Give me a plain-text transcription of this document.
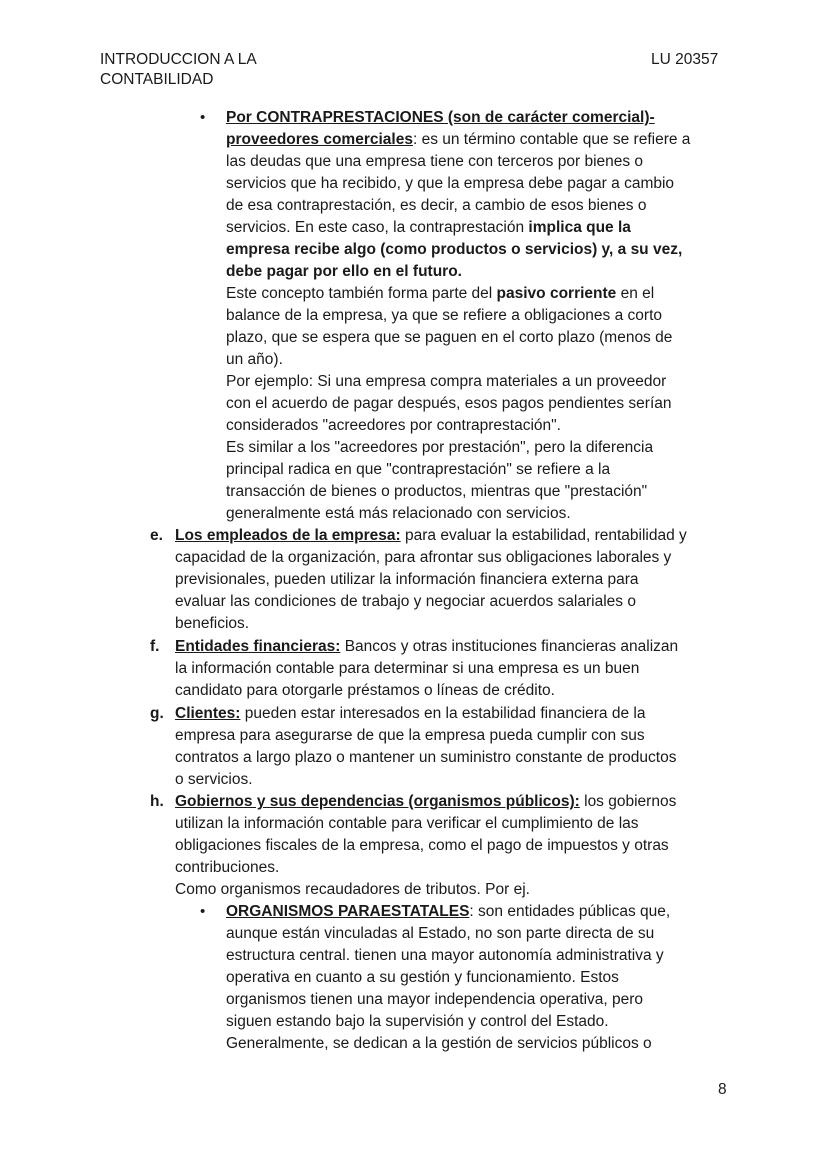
INTRODUCCION A LA
CONTABILIDAD
LU 20357
• Por CONTRAPRESTACIONES (son de carácter comercial)-
proveedores comerciales: es un término contable que se refiere a
las deudas que una empresa tiene con terceros por bienes o
servicios que ha recibido, y que la empresa debe pagar a cambio
de esa contraprestación, es decir, a cambio de esos bienes o
servicios. En este caso, la contraprestación implica que la
empresa recibe algo (como productos o servicios) y, a su vez,
debe pagar por ello en el futuro.
Este concepto también forma parte del pasivo corriente en el
balance de la empresa, ya que se refiere a obligaciones a corto
plazo, que se espera que se paguen en el corto plazo (menos de
un año).
Por ejemplo: Si una empresa compra materiales a un proveedor
con el acuerdo de pagar después, esos pagos pendientes serían
considerados "acreedores por contraprestación".
Es similar a los "acreedores por prestación", pero la diferencia
principal radica en que "contraprestación" se refiere a la
transacción de bienes o productos, mientras que "prestación"
generalmente está más relacionado con servicios.
e. Los empleados de la empresa: para evaluar la estabilidad, rentabilidad y
capacidad de la organización, para afrontar sus obligaciones laborales y
previsionales, pueden utilizar la información financiera externa para
evaluar las condiciones de trabajo y negociar acuerdos salariales o
beneficios.
f. Entidades financieras: Bancos y otras instituciones financieras analizan
la información contable para determinar si una empresa es un buen
candidato para otorgarle préstamos o líneas de crédito.
g. Clientes: pueden estar interesados en la estabilidad financiera de la
empresa para asegurarse de que la empresa pueda cumplir con sus
contratos a largo plazo o mantener un suministro constante de productos
o servicios.
h. Gobiernos y sus dependencias (organismos públicos): los gobiernos
utilizan la información contable para verificar el cumplimiento de las
obligaciones fiscales de la empresa, como el pago de impuestos y otras
contribuciones.
Como organismos recaudadores de tributos. Por ej.
• ORGANISMOS PARAESTATALES: son entidades públicas que,
aunque están vinculadas al Estado, no son parte directa de su
estructura central. tienen una mayor autonomía administrativa y
operativa en cuanto a su gestión y funcionamiento. Estos
organismos tienen una mayor independencia operativa, pero
siguen estando bajo la supervisión y control del Estado.
Generalmente, se dedican a la gestión de servicios públicos o
8
